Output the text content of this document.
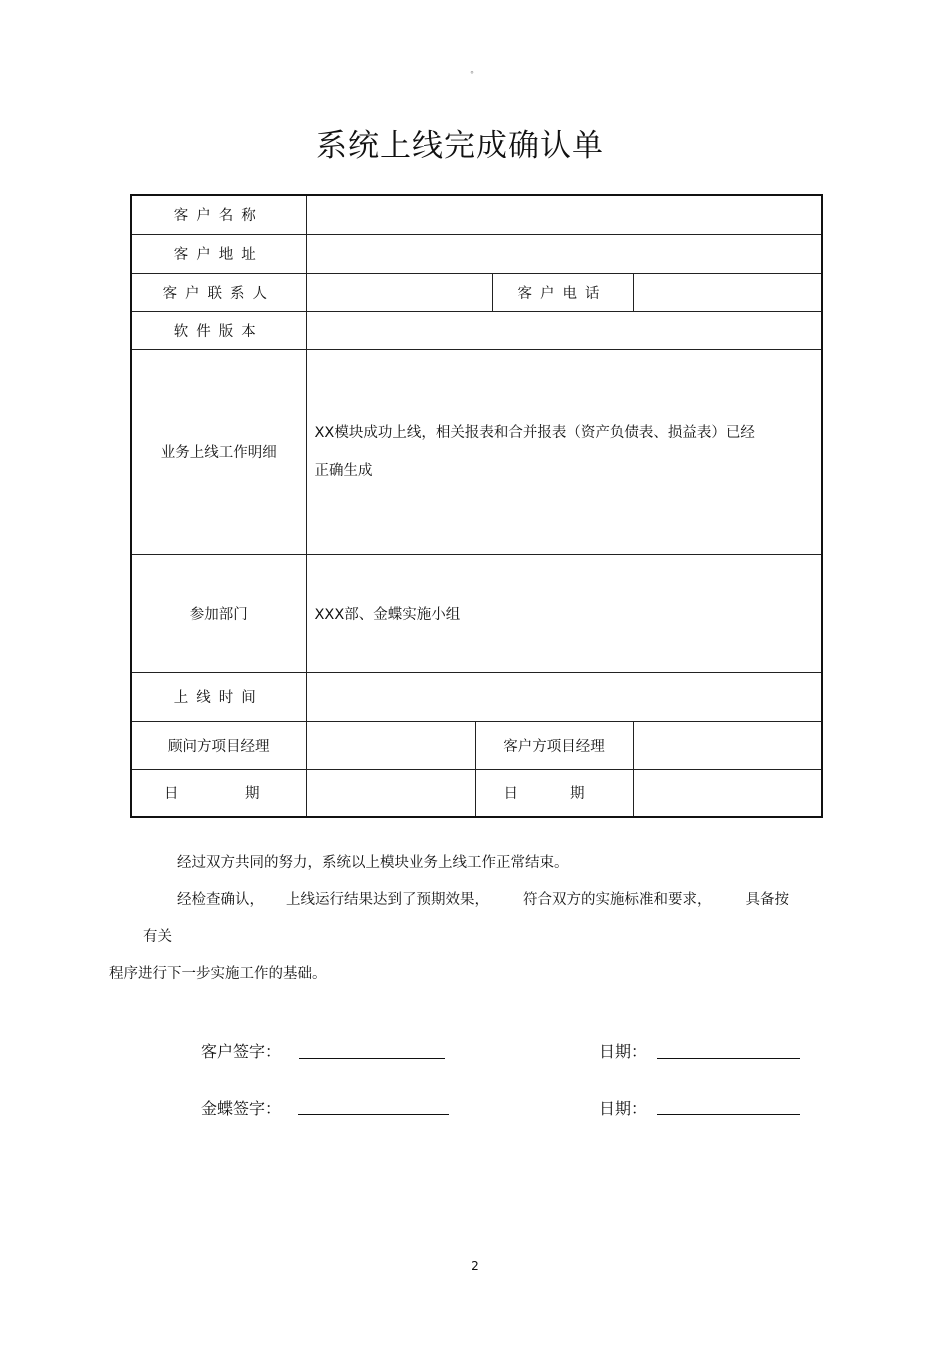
°
系统上线完成确认单
客户名称				
客户地址				
客户联系人			客户电话	
软件版本				
业务上线工作明细	XX模块成功上线，相关报表和合并报表（资产负债表、损益表）已经
正确生成			

参加部门	XXX部、金蝶实施小组			
上线时间				
顾问方项目经理		客户方项目经理		

日 期		日 期		

经过双方共同的努力，系统以上模块业务上线工作正常结束。
经检查确认， 上线运行结果达到了预期效果， 符合双方的实施标准和要求， 具备按有关
程序进行下一步实施工作的基础。
客户签字：	日期：
金蝶签字：	日期：
2
